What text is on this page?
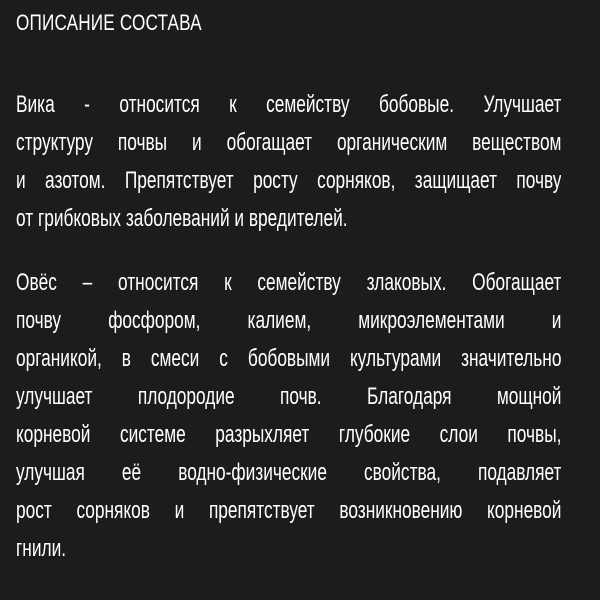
ОПИСАНИЕ СОСТАВА
Вика - относится к семейству бобовые. Улучшает
структуру почвы и обогащает органическим веществом
и азотом. Препятствует росту сорняков, защищает почву
от грибковых заболеваний и вредителей.
Овёс – относится к семейству злаковых. Обогащает
почву фосфором, калием, микроэлементами и
органикой, в смеси с бобовыми культурами значительно
улучшает плодородие почв. Благодаря мощной
корневой системе разрыхляет глубокие слои почвы,
улучшая её водно-физические свойства, подавляет
рост сорняков и препятствует возникновению корневой
гнили.
